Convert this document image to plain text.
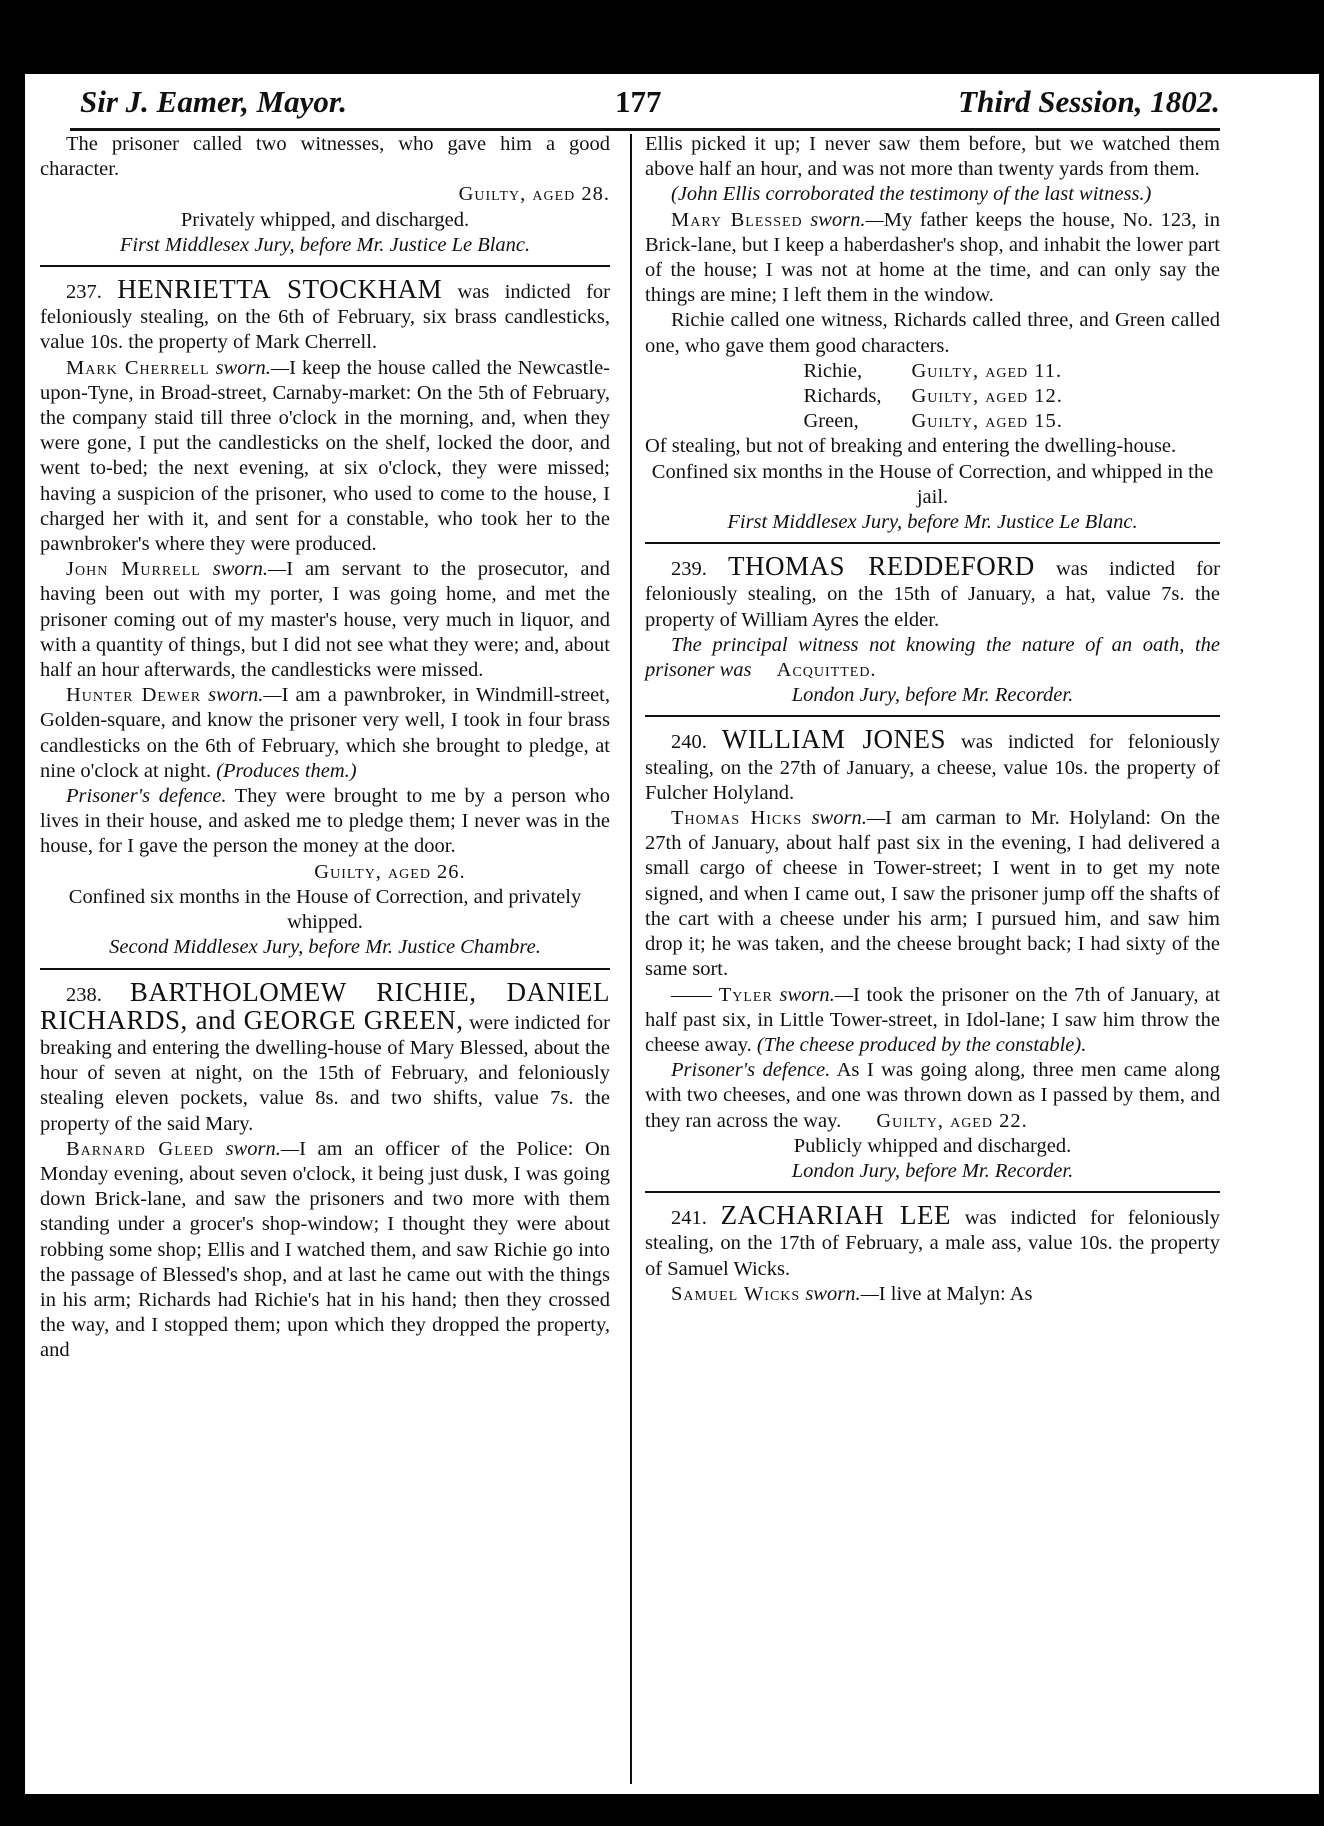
Sir J. Eamer, Mayor.	177	Third Session, 1802.

The prisoner called two witnesses, who gave him a good character.

Guilty, aged 28.

Privately whipped, and discharged.

First Middlesex Jury, before Mr. Justice Le Blanc.

237. HENRIETTA STOCKHAM was indicted for feloniously stealing, on the 6th of February, six brass candlesticks, value 10s. the property of Mark Cherrell.

Mark Cherrell sworn.—I keep the house called the Newcastle-upon-Tyne, in Broad-street, Carnaby-market: On the 5th of February, the company staid till three o'clock in the morning, and, when they were gone, I put the candlesticks on the shelf, locked the door, and went to-bed; the next evening, at six o'clock, they were missed; having a suspicion of the prisoner, who used to come to the house, I charged her with it, and sent for a constable, who took her to the pawnbroker's where they were produced.

John Murrell sworn.—I am servant to the prosecutor, and having been out with my porter, I was going home, and met the prisoner coming out of my master's house, very much in liquor, and with a quantity of things, but I did not see what they were; and, about half an hour afterwards, the candlesticks were missed.

Hunter Dewer sworn.—I am a pawnbroker, in Windmill-street, Golden-square, and know the prisoner very well, I took in four brass candlesticks on the 6th of February, which she brought to pledge, at nine o'clock at night. (Produces them.)

Prisoner's defence. They were brought to me by a person who lives in their house, and asked me to pledge them; I never was in the house, for I gave the person the money at the door.

Guilty, aged 26.

Confined six months in the House of Correction, and privately whipped.

Second Middlesex Jury, before Mr. Justice Chambre.

238. BARTHOLOMEW RICHIE, DANIEL RICHARDS, and GEORGE GREEN, were indicted for breaking and entering the dwelling-house of Mary Blessed, about the hour of seven at night, on the 15th of February, and feloniously stealing eleven pockets, value 8s. and two shifts, value 7s. the property of the said Mary.

Barnard Gleed sworn.—I am an officer of the Police: On Monday evening, about seven o'clock, it being just dusk, I was going down Brick-lane, and saw the prisoners and two more with them standing under a grocer's shop-window; I thought they were about robbing some shop; Ellis and I watched them, and saw Richie go into the passage of Blessed's shop, and at last he came out with the things in his arm; Richards had Richie's hat in his hand; then they crossed the way, and I stopped them; upon which they dropped the property, and

Ellis picked it up; I never saw them before, but we watched them above half an hour, and was not more than twenty yards from them.

(John Ellis corroborated the testimony of the last witness.)

Mary Blessed sworn.—My father keeps the house, No. 123, in Brick-lane, but I keep a haberdasher's shop, and inhabit the lower part of the house; I was not at home at the time, and can only say the things are mine; I left them in the window.

Richie called one witness, Richards called three, and Green called one, who gave them good characters.

Richie,	Guilty, aged 11.
Richards,	Guilty, aged 12.
Green,	Guilty, aged 15.

Of stealing, but not of breaking and entering the dwelling-house.

Confined six months in the House of Correction, and whipped in the jail.

First Middlesex Jury, before Mr. Justice Le Blanc.

239. THOMAS REDDEFORD was indicted for feloniously stealing, on the 15th of January, a hat, value 7s. the property of William Ayres the elder.

The principal witness not knowing the nature of an oath, the prisoner was Acquitted.

London Jury, before Mr. Recorder.

240. WILLIAM JONES was indicted for feloniously stealing, on the 27th of January, a cheese, value 10s. the property of Fulcher Holyland.

Thomas Hicks sworn.—I am carman to Mr. Holyland: On the 27th of January, about half past six in the evening, I had delivered a small cargo of cheese in Tower-street; I went in to get my note signed, and when I came out, I saw the prisoner jump off the shafts of the cart with a cheese under his arm; I pursued him, and saw him drop it; he was taken, and the cheese brought back; I had sixty of the same sort.

—— Tyler sworn.—I took the prisoner on the 7th of January, at half past six, in Little Tower-street, in Idol-lane; I saw him throw the cheese away. (The cheese produced by the constable).

Prisoner's defence. As I was going along, three men came along with two cheeses, and one was thrown down as I passed by them, and they ran across the way. Guilty, aged 22.

Publicly whipped and discharged.

London Jury, before Mr. Recorder.

241. ZACHARIAH LEE was indicted for feloniously stealing, on the 17th of February, a male ass, value 10s. the property of Samuel Wicks.

Samuel Wicks sworn.—I live at Malyn: As
